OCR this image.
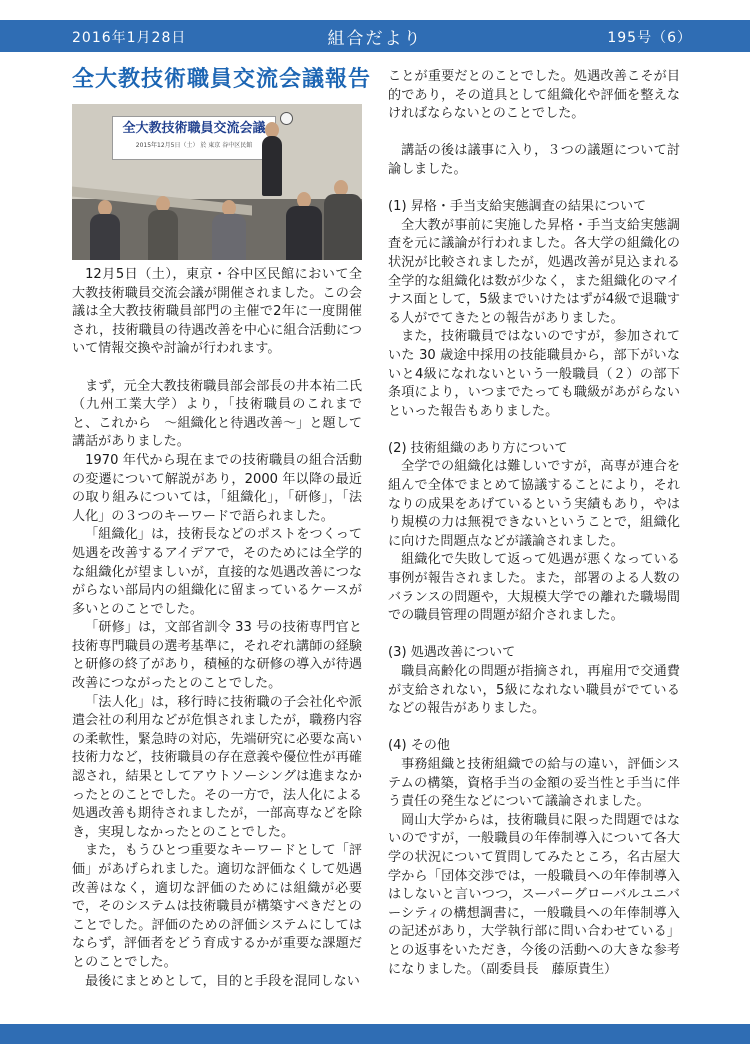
2016年1月28日	組合だより	195号（6）
全大教技術職員交流会議報告
全大教技術職員交流会議
2015年12月5日（土） 於 東京 谷中区民館

12月5日（土），東京・谷中区民館において全大教技術職員交流会議が開催されました。この会議は全大教技術職員部門の主催で2年に一度開催され，技術職員の待遇改善を中心に組合活動について情報交換や討論が行われます。

まず，元全大教技術職員部会部長の井本祐二氏（九州工業大学）より，「技術職員のこれまでと、これから　～組織化と待遇改善～」と題して講話がありました。

1970 年代から現在までの技術職員の組合活動の変遷について解説があり，2000 年以降の最近の取り組みについては，「組織化」，「研修」，「法人化」の３つのキーワードで語られました。

「組織化」は，技術長などのポストをつくって処遇を改善するアイデアで，そのためには全学的な組織化が望ましいが，直接的な処遇改善につながらない部局内の組織化に留まっているケースが多いとのことでした。

「研修」は，文部省訓令 33 号の技術専門官と技術専門職員の選考基準に，それぞれ講師の経験と研修の終了があり，積極的な研修の導入が待遇改善につながったとのことでした。

「法人化」は，移行時に技術職の子会社化や派遣会社の利用などが危惧されましたが，職務内容の柔軟性，緊急時の対応，先端研究に必要な高い技術力など，技術職員の存在意義や優位性が再確認され，結果としてアウトソーシングは進まなかったとのことでした。その一方で，法人化による処遇改善も期待されましたが，一部高専などを除き，実現しなかったとのことでした。

また，もうひとつ重要なキーワードとして「評価」があげられました。適切な評価なくして処遇改善はなく，適切な評価のためには組織が必要で，そのシステムは技術職員が構築すべきだとのことでした。評価のための評価システムにしてはならず，評価者をどう育成するかが重要な課題だとのことでした。

最後にまとめとして，目的と手段を混同しない

ことが重要だとのことでした。処遇改善こそが目的であり，その道具として組織化や評価を整えなければならないとのことでした。

講話の後は議事に入り，３つの議題について討論しました。

(1) 昇格・手当支給実態調査の結果について

全大教が事前に実施した昇格・手当支給実態調査を元に議論が行われました。各大学の組織化の状況が比較されましたが，処遇改善が見込まれる全学的な組織化は数が少なく，また組織化のマイナス面として，5級までいけたはずが4級で退職する人がでてきたとの報告がありました。

また，技術職員ではないのですが，参加されていた 30 歳途中採用の技能職員から，部下がいないと4級になれないという一般職員（２）の部下条項により，いつまでたっても職級があがらないといった報告もありました。

(2) 技術組織のあり方について

全学での組織化は難しいですが，高専が連合を組んで全体でまとめて協議することにより，それなりの成果をあげているという実績もあり，やはり規模の力は無視できないということで，組織化に向けた問題点などが議論されました。

組織化で失敗して返って処遇が悪くなっている事例が報告されました。また，部署のよる人数のバランスの問題や，大規模大学での離れた職場間での職員管理の問題が紹介されました。

(3) 処遇改善について

職員高齢化の問題が指摘され，再雇用で交通費が支給されない，5級になれない職員がでているなどの報告がありました。

(4) その他

事務組織と技術組織での給与の違い，評価システムの構築，資格手当の金額の妥当性と手当に伴う責任の発生などについて議論されました。

岡山大学からは，技術職員に限った問題ではないのですが，一般職員の年俸制導入について各大学の状況について質問してみたところ，名古屋大学から「団体交渉では，一般職員への年俸制導入はしないと言いつつ，スーパーグローバルユニバーシティの構想調書に，一般職員への年俸制導入の記述があり，大学執行部に問い合わせている」との返事をいただき，今後の活動への大きな参考になりました。（副委員長　藤原貴生）
